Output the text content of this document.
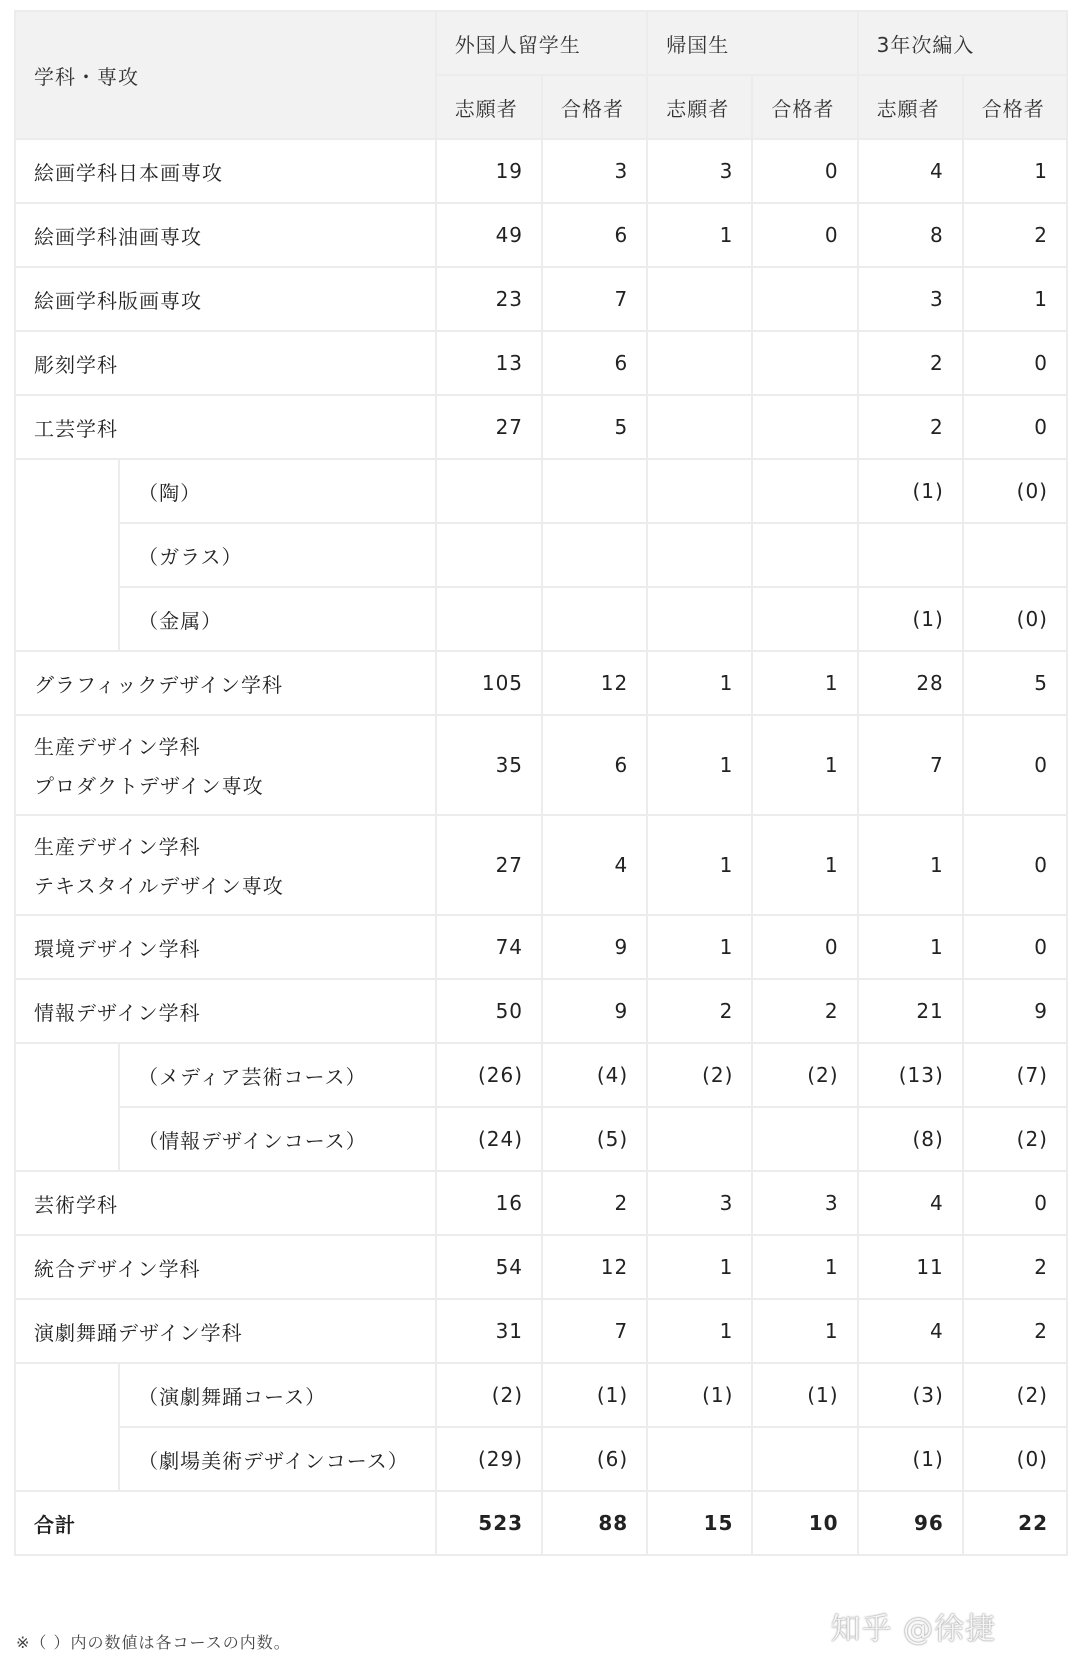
学科・専攻		外国人留学生		帰国生		3年次編入	
		志願者	合格者	志願者	合格者	志願者	合格者
絵画学科日本画専攻		19	3	3	0	4	1
絵画学科油画専攻		49	6	1	0	8	2
絵画学科版画専攻		23	7			3	1
彫刻学科		13	6			2	0
工芸学科		27	5			2	0
	（陶）					(1)	(0)
	（ガラス）						
	（金属）					(1)	(0)
グラフィックデザイン学科		105	12	1	1	28	5

生産デザイン学科
プロダクトデザイン専攻		35	6	1	1	7	0

生産デザイン学科
テキスタイルデザイン専攻		27	4	1	1	1	0
環境デザイン学科		74	9	1	0	1	0
情報デザイン学科		50	9	2	2	21	9
	（メディア芸術コース）	(26)	(4)	(2)	(2)	(13)	(7)
	（情報デザインコース）	(24)	(5)			(8)	(2)
芸術学科		16	2	3	3	4	0
統合デザイン学科		54	12	1	1	11	2
演劇舞踊デザイン学科		31	7	1	1	4	2
	（演劇舞踊コース）	(2)	(1)	(1)	(1)	(3)	(2)
	（劇場美術デザインコース）	(29)	(6)			(1)	(0)
合計		523	88	15	10	96	22
知乎 @徐捷
※（ ）内の数値は各コースの内数。
